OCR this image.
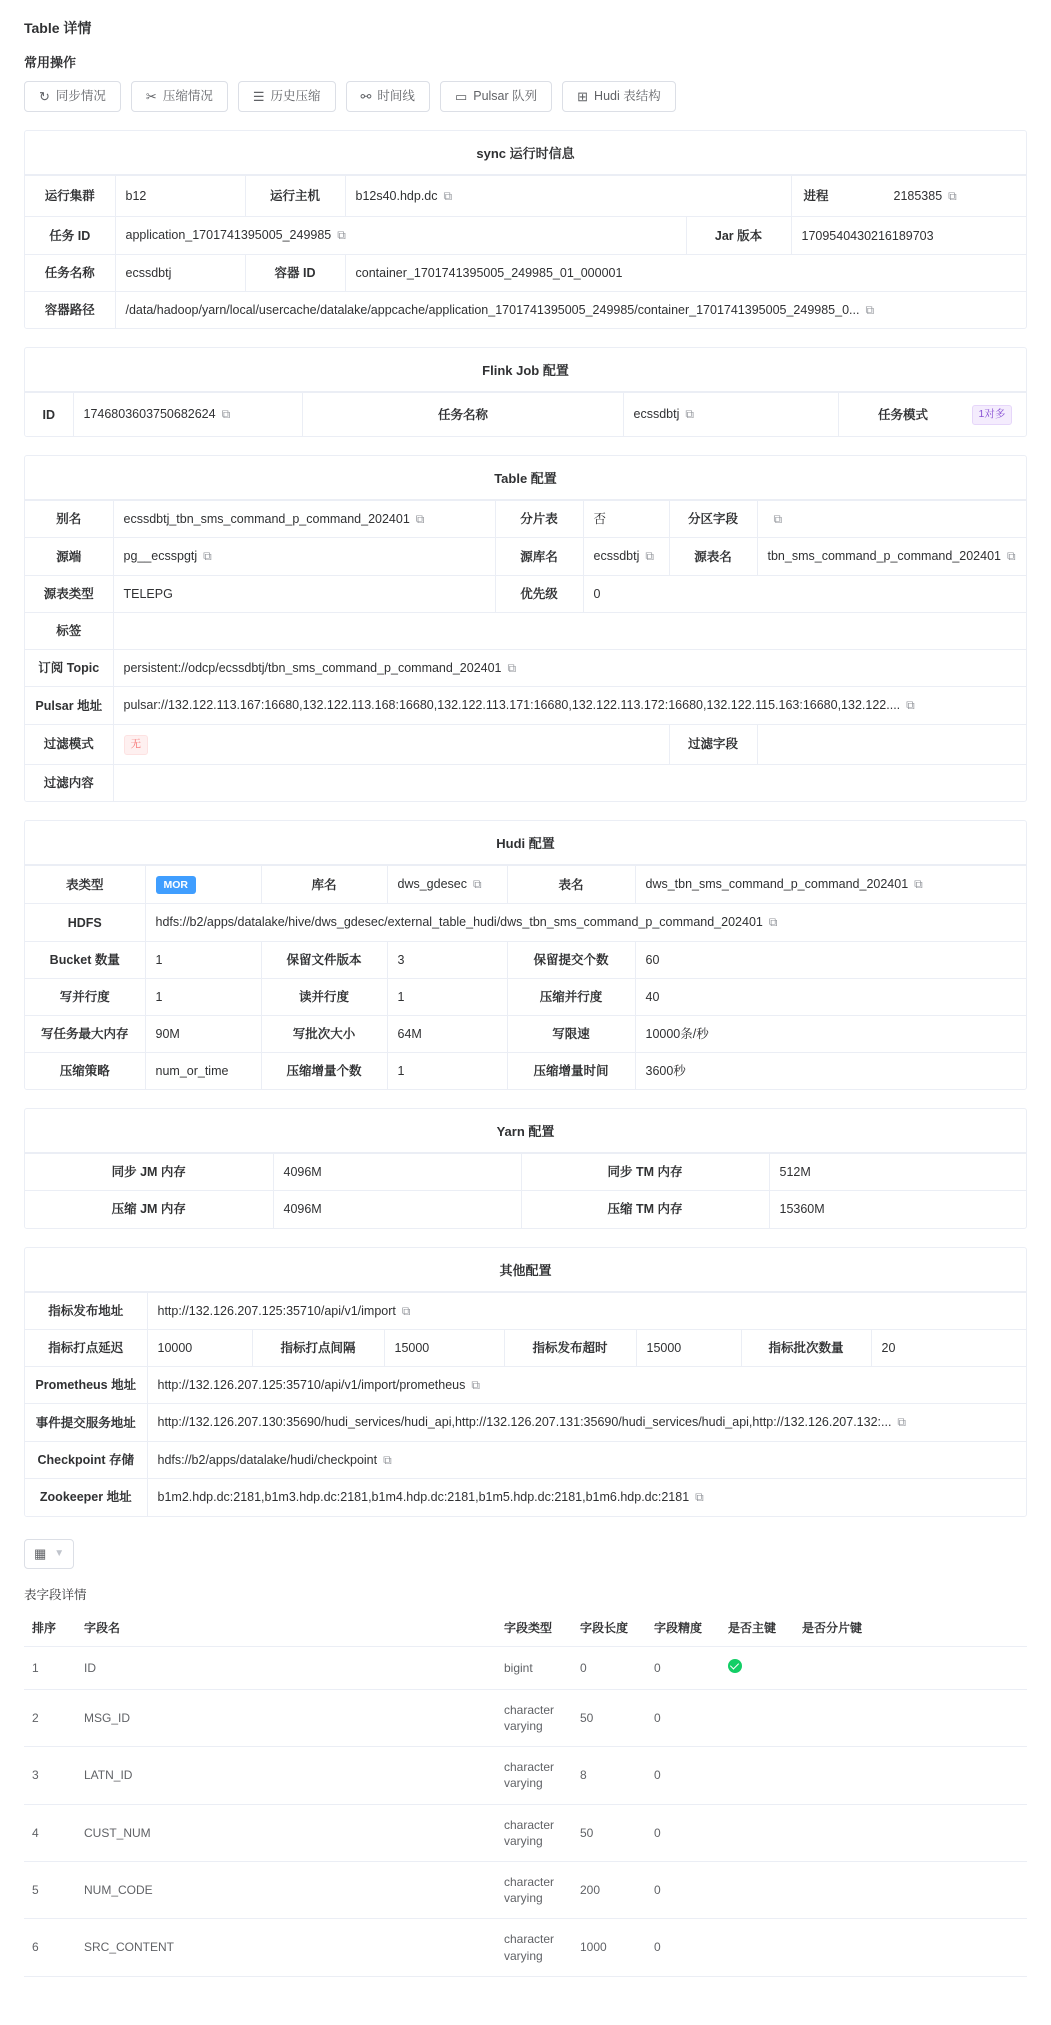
Table 详情
常用操作
↻ 同步情况	✂ 压缩情况	☰ 历史压缩	⚯ 时间线	▭ Pulsar 队列	⊞ Hudi 表结构
sync 运行时信息
运行集群	b12	运行主机	b12s40.hdp.dc ⧉		进程	2185385 ⧉

任务 ID	application_1701741395005_249985 ⧉	Jar 版本	1709540430216189703
任务名称	ecssdbtj	容器 ID	container_1701741395005_249985_01_000001
容器路径	/data/hadoop/yarn/local/usercache/datalake/appcache/application_1701741395005_249985/container_1701741395005_249985_0... ⧉
Flink Job 配置
ID	1746803603750682624 ⧉	任务名称	ecssdbtj ⧉		任务模式	1对多
Table 配置
别名	ecssdbtj_tbn_sms_command_p_command_202401 ⧉	分片表	否	分区字段	⧉
源端	pg__ecsspgtj ⧉	源库名	ecssdbtj ⧉	源表名	tbn_sms_command_p_command_202401 ⧉
源表类型	TELEPG	优先级	0		
标签					
订阅 Topic	persistent://odcp/ecssdbtj/tbn_sms_command_p_command_202401 ⧉				
Pulsar 地址	pulsar://132.122.113.167:16680,132.122.113.168:16680,132.122.113.171:16680,132.122.113.172:16680,132.122.115.163:16680,132.122.... ⧉				
过滤模式	无			过滤字段	
过滤内容					
Hudi 配置
表类型	MOR	库名	dws_gdesec ⧉	表名	dws_tbn_sms_command_p_command_202401 ⧉
HDFS	hdfs://b2/apps/datalake/hive/dws_gdesec/external_table_hudi/dws_tbn_sms_command_p_command_202401 ⧉				
Bucket 数量	1	保留文件版本	3	保留提交个数	60
写并行度	1	读并行度	1	压缩并行度	40
写任务最大内存	90M	写批次大小	64M	写限速	10000条/秒
压缩策略	num_or_time	压缩增量个数	1	压缩增量时间	3600秒
Yarn 配置
同步 JM 内存	4096M	同步 TM 内存	512M
压缩 JM 内存	4096M	压缩 TM 内存	15360M
其他配置
指标发布地址	http://132.126.207.125:35710/api/v1/import ⧉						
指标打点延迟	10000	指标打点间隔	15000	指标发布超时	15000	指标批次数量	20
Prometheus 地址	http://132.126.207.125:35710/api/v1/import/prometheus ⧉						
事件提交服务地址	http://132.126.207.130:35690/hudi_services/hudi_api,http://132.126.207.131:35690/hudi_services/hudi_api,http://132.126.207.132:... ⧉						
Checkpoint 存储	hdfs://b2/apps/datalake/hudi/checkpoint ⧉						
Zookeeper 地址	b1m2.hdp.dc:2181,b1m3.hdp.dc:2181,b1m4.hdp.dc:2181,b1m5.hdp.dc:2181,b1m6.hdp.dc:2181 ⧉						
▦ ▼
表字段详情
排序	字段名	字段类型	字段长度	字段精度	是否主键	是否分片键
1	ID	bigint	0	0		
2	MSG_ID	character varying	50	0		
3	LATN_ID	character varying	8	0		
4	CUST_NUM	character varying	50	0		
5	NUM_CODE	character varying	200	0		
6	SRC_CONTENT	character varying	1000	0		
